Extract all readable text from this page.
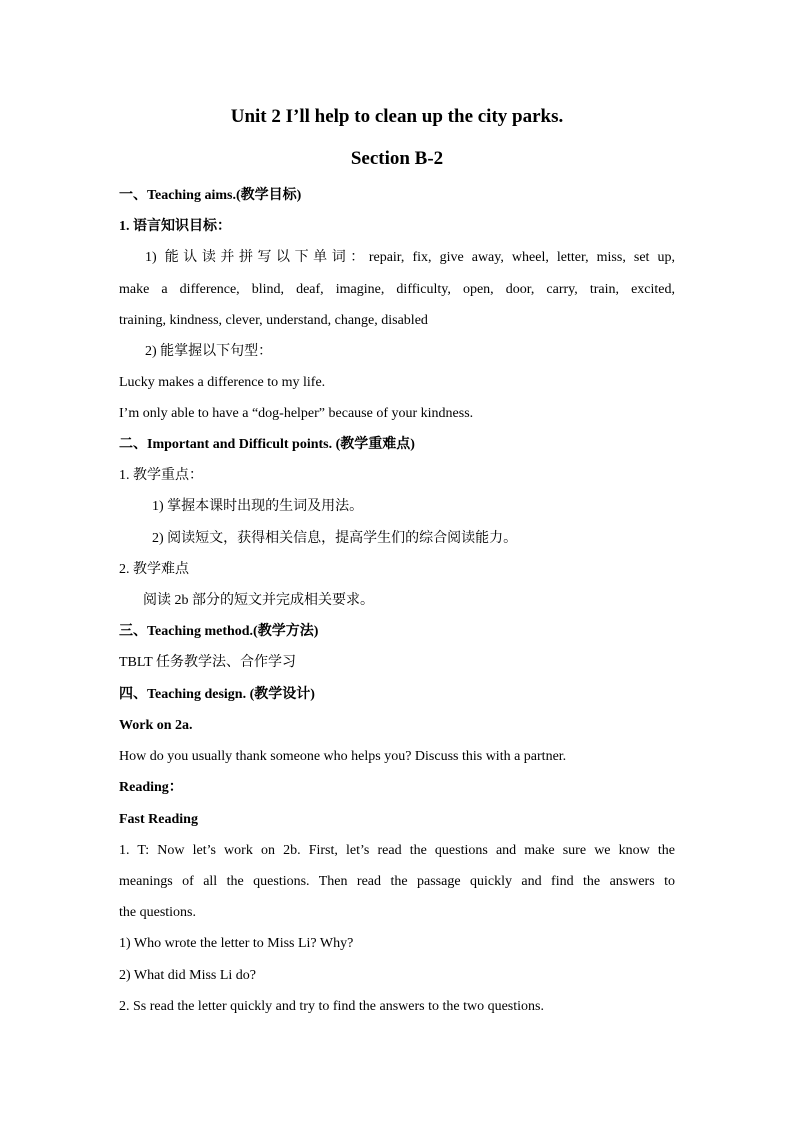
Unit 2 I’ll help to clean up the city parks.
Section B-2
一、Teaching aims.(教学目标)
1. 语言知识目标：
1) 能认读并拼写以下单词：repair, fix, give away, wheel, letter, miss, set up,
make a difference, blind, deaf, imagine, difficulty, open, door, carry, train, excited,
training, kindness, clever, understand, change, disabled
2) 能掌握以下句型：
Lucky makes a difference to my life.
I’m only able to have a “dog-helper” because of your kindness.
二、Important and Difficult points. (教学重难点)
1. 教学重点：
1) 掌握本课时出现的生词及用法。
2) 阅读短文，获得相关信息，提高学生们的综合阅读能力。
2. 教学难点
阅读 2b 部分的短文并完成相关要求。
三、Teaching method.(教学方法)
TBLT 任务教学法、合作学习
四、Teaching design. (教学设计)
Work on 2a.
How do you usually thank someone who helps you? Discuss this with a partner.
Reading：
Fast Reading
1. T: Now let’s work on 2b. First, let’s read the questions and make sure we know the
meanings of all the questions. Then read the passage quickly and find the answers to
the questions.
1) Who wrote the letter to Miss Li? Why?
2) What did Miss Li do?
2. Ss read the letter quickly and try to find the answers to the two questions.
